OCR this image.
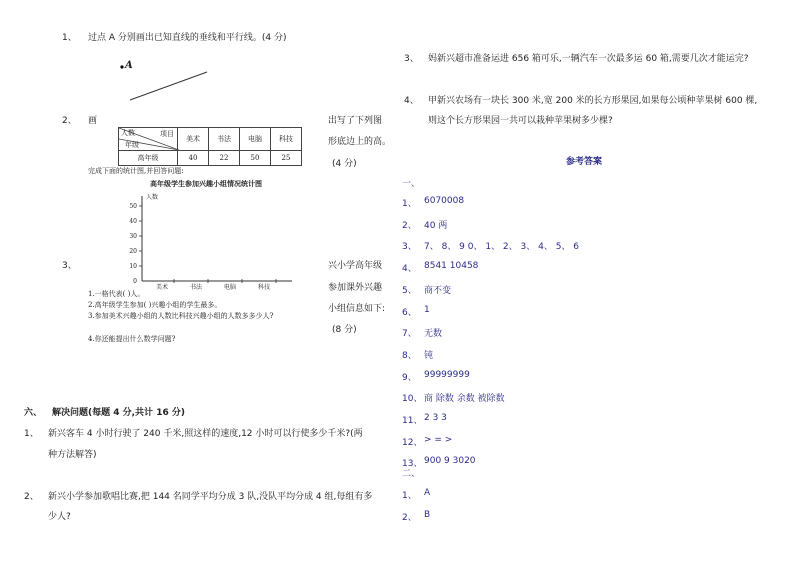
1、 过点 A 分别画出已知直线的垂线和平行线。(4 分)
A
2、 画	出写了下列图
形底边上的高。
(4 分)
项目
人数
年级	美术	书法	电脑	科技
高年级	40	22	50	25
完成下面的统计图,并回答问题:
高年级学生参加兴趣小组情况统计图
人数
0
10
20
30
40
50
美术	书法	电脑	科技
3、	兴小学高年级
参加课外兴趣
小组信息如下:
(8 分)
1.一格代表( )人。
2.高年级学生参加( )兴趣小组的学生最多。
3.参加美术兴趣小组的人数比科技兴趣小组的人数多多少人?
4.你还能提出什么数学问题?
六、 解决问题(每题 4 分,共计 16 分)
1、 新兴客车 4 小时行驶了 240 千米,照这样的速度,12 小时可以行使多少千米?(两
种方法解答)
2、 新兴小学参加歌唱比赛,把 144 名同学平均分成 3 队,没队平均分成 4 组,每组有多
少人?
3、 妈新兴超市准备运进 656 箱可乐,一辆汽车一次最多运 60 箱,需要几次才能运完?
4、 甲新兴农场有一块长 300 米,宽 200 米的长方形果园,如果每公顷种苹果树 600 棵,
则这个长方形果园一共可以栽种苹果树多少棵?
参考答案
一、
1、 6070008
2、 40 两
3、 7、 8、 9 0、 1、 2、 3、 4、 5、 6
4、 8541 10458
5、 商不变
6、 1
7、 无数
8、 钝
9、 99999999
10、 商 除数 余数 被除数
11、 2 3 3
12、 > = >
13、 900 9 3020
二、
1、 A
2、 B
